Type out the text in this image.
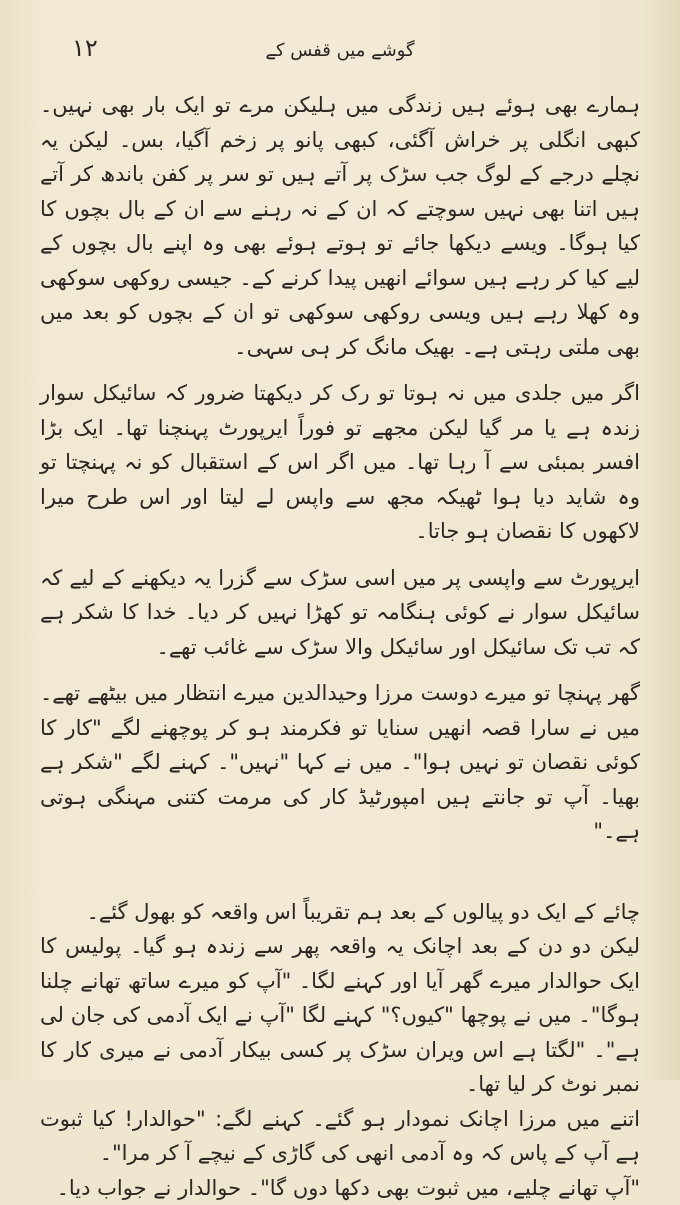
۱۲	گوشے میں قفس کے

ہمارے بھی ہوئے ہیں زندگی میں ہلیکن مرے تو ایک بار بھی نہیں۔ کبھی انگلی پر خراش آگئی، کبھی پانو پر زخم آگیا، بس۔ لیکن یہ نچلے درجے کے لوگ جب سڑک پر آتے ہیں تو سر پر کفن باندھ کر آتے ہیں اتنا بھی نہیں سوچتے کہ ان کے نہ رہنے سے ان کے بال بچوں کا کیا ہوگا۔ ویسے دیکھا جائے تو ہوتے ہوئے بھی وہ اپنے بال بچوں کے لیے کیا کر رہے ہیں سوائے انھیں پیدا کرنے کے۔ جیسی روکھی سوکھی وہ کھلا رہے ہیں ویسی روکھی سوکھی تو ان کے بچوں کو بعد میں بھی ملتی رہتی ہے۔ بھیک مانگ کر ہی سہی۔

اگر میں جلدی میں نہ ہوتا تو رک کر دیکھتا ضرور کہ سائیکل سوار زندہ ہے یا مر گیا لیکن مجھے تو فوراً ایرپورٹ پہنچنا تھا۔ ایک بڑا افسر بمبئی سے آ رہا تھا۔ میں اگر اس کے استقبال کو نہ پہنچتا تو وہ شاید دیا ہوا ٹھیکہ مجھ سے واپس لے لیتا اور اس طرح میرا لاکھوں کا نقصان ہو جاتا۔

ایرپورٹ سے واپسی پر میں اسی سڑک سے گزرا یہ دیکھنے کے لیے کہ سائیکل سوار نے کوئی ہنگامہ تو کھڑا نہیں کر دیا۔ خدا کا شکر ہے کہ تب تک سائیکل اور سائیکل والا سڑک سے غائب تھے۔

گھر پہنچا تو میرے دوست مرزا وحیدالدین میرے انتظار میں بیٹھے تھے۔ میں نے سارا قصہ انھیں سنایا تو فکرمند ہو کر پوچھنے لگے "کار کا کوئی نقصان تو نہیں ہوا"۔ میں نے کہا "نہیں"۔ کہنے لگے "شکر ہے بھیا۔ آپ تو جانتے ہیں امپورٹیڈ کار کی مرمت کتنی مہنگی ہوتی ہے۔"

چائے کے ایک دو پیالوں کے بعد ہم تقریباً اس واقعہ کو بھول گئے۔

لیکن دو دن کے بعد اچانک یہ واقعہ پھر سے زندہ ہو گیا۔ پولیس کا ایک حوالدار میرے گھر آیا اور کہنے لگا۔ "آپ کو میرے ساتھ تھانے چلنا ہوگا"۔ میں نے پوچھا "کیوں؟" کہنے لگا "آپ نے ایک آدمی کی جان لی ہے"۔ "لگتا ہے اس ویران سڑک پر کسی بیکار آدمی نے میری کار کا نمبر نوٹ کر لیا تھا۔

اتنے میں مرزا اچانک نمودار ہو گئے۔ کہنے لگے: "حوالدار! کیا ثبوت ہے آپ کے پاس کہ وہ آدمی انھی کی گاڑی کے نیچے آ کر مرا"۔

"آپ تھانے چلیے، میں ثبوت بھی دکھا دوں گا"۔ حوالدار نے جواب دیا۔
